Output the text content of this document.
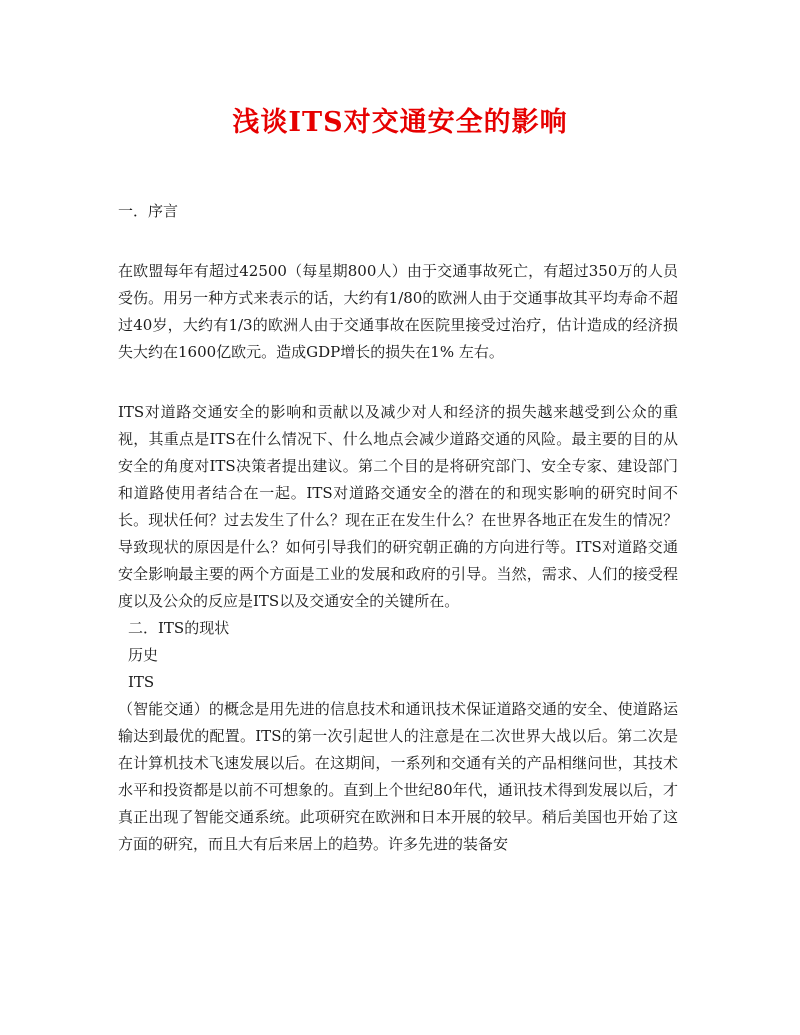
浅谈ITS对交通安全的影响
一．序言
在欧盟每年有超过42500（每星期800人）由于交通事故死亡，有超过350万的人员受伤。用另一种方式来表示的话，大约有1/80的欧洲人由于交通事故其平均寿命不超过40岁，大约有1/3的欧洲人由于交通事故在医院里接受过治疗，估计造成的经济损失大约在1600亿欧元。造成GDP增长的损失在1% 左右。
ITS对道路交通安全的影响和贡献以及减少对人和经济的损失越来越受到公众的重视，其重点是ITS在什么情况下、什么地点会减少道路交通的风险。最主要的目的从安全的角度对ITS决策者提出建议。第二个目的是将研究部门、安全专家、建设部门和道路使用者结合在一起。ITS对道路交通安全的潜在的和现实影响的研究时间不长。现状任何？过去发生了什么？现在正在发生什么？在世界各地正在发生的情况？导致现状的原因是什么？如何引导我们的研究朝正确的方向进行等。ITS对道路交通安全影响最主要的两个方面是工业的发展和政府的引导。当然，需求、人们的接受程度以及公众的反应是ITS以及交通安全的关键所在。
二．ITS的现状
历史
ITS
（智能交通）的概念是用先进的信息技术和通讯技术保证道路交通的安全、使道路运输达到最优的配置。ITS的第一次引起世人的注意是在二次世界大战以后。第二次是在计算机技术飞速发展以后。在这期间，一系列和交通有关的产品相继问世，其技术水平和投资都是以前不可想象的。直到上个世纪80年代，通讯技术得到发展以后，才真正出现了智能交通系统。此项研究在欧洲和日本开展的较早。稍后美国也开始了这方面的研究，而且大有后来居上的趋势。许多先进的装备安
